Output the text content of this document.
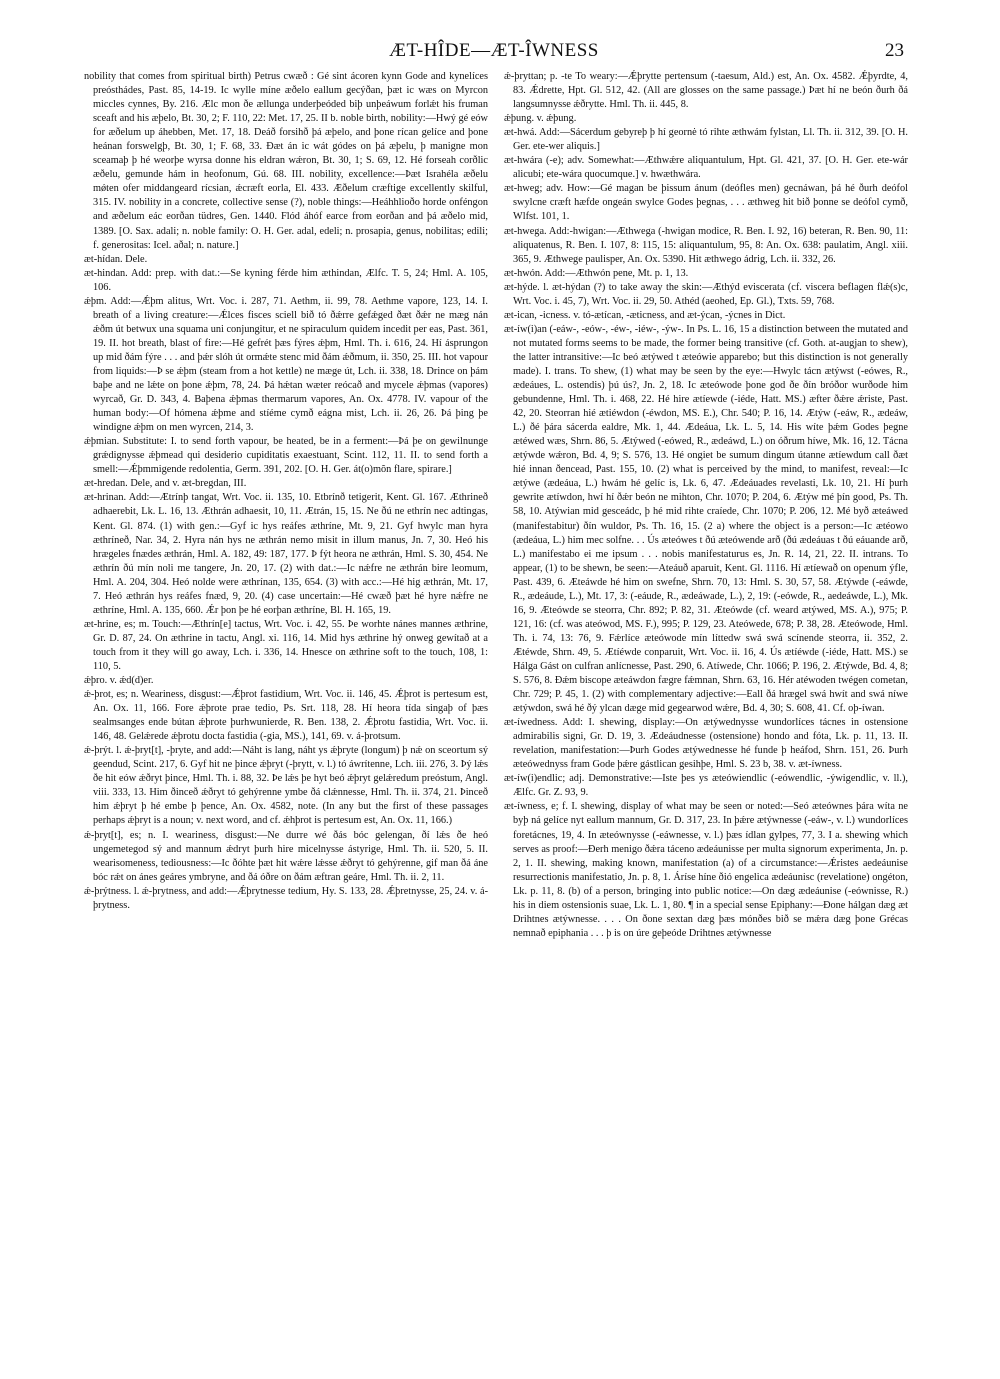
ÆT-HÎDE—ÆT-ÎWNESS	23

nobility that comes from spiritual birth) Petrus cwæð : Gé sint ácoren kynn Gode and kynelíces preósthádes, Past. 85, 14-19. Ic wylle míne æðelo eallum gecýðan, þæt ic wæs on Myrcon miccles cynnes, By. 216. Ælc mon ðe ællunga underþeóded biþ unþeáwum forlǽt his fruman sceaft and his æþelo, Bt. 30, 2; F. 110, 22: Met. 17, 25. II b. noble birth, nobility:—Hwý gé eów for æðelum up áhebben, Met. 17, 18. Deáð forsihð þá æþelo, and þone rícan gelíce and þone heánan forswelgþ, Bt. 30, 1; F. 68, 33. Ðæt án ic wát gódes on þá æþelu, þ manigne mon sceamaþ þ hé weorþe wyrsa donne his eldran wǽron, Bt. 30, 1; S. 69, 12. Hé forseah corðlic æðelu, gemunde hám in heofonum, Gú. 68. III. nobility, excellence:—Þæt Israhéla æðelu mǿten ofer middangeard rícsian, ǽcræft eorla, El. 433. Æðelum cræftige excellently skilful, 315. IV. nobility in a concrete, collective sense (?), noble things:—Heáhhlioðo horde onféngon and æðelum eác eorðan tüdres, Gen. 1440. Flód áhóf earce from eorðan and þá æðelo mid, 1389. [O. Sax. adali; n. noble family: O. H. Ger. adal, edeli; n. prosapia, genus, nobilitas; edili; f. generositas: Icel. aðal; n. nature.]

æt-hídan. Dele.

æt-hindan. Add: prep. with dat.:—Se kyning férde him æthindan, Ælfc. T. 5, 24; Hml. A. 105, 106.

ǽþm. Add:—Ǽþm alitus, Wrt. Voc. i. 287, 71. Aethm, ii. 99, 78. Aethme vapore, 123, 14. I. breath of a living creature:—Ǽlces fisces sciell bið tó ðǽrre gefǽged ðæt ðǽr ne mæg nán ǽðm út betwux una squama uni conjungitur, et ne spiraculum quidem incedit per eas, Past. 361, 19. II. hot breath, blast of fire:—Hé gefrét þæs fýres ǽþm, Hml. Th. i. 616, 24. Hí ásprungon up mid ðám fýre . . . and þǽr slóh út ormǽte stenc mid ðám ǽðmum, ii. 350, 25. III. hot vapour from liquids:—Þ se ǽþm (steam from a hot kettle) ne mæge út, Lch. ii. 338, 18. Drince on þám baþe and ne lǽte on þone ǽþm, 78, 24. Þá hǽtan wæter reócað and mycele ǽþmas (vapores) wyrcað, Gr. D. 343, 4. Baþena ǽþmas thermarum vapores, An. Ox. 4778. IV. vapour of the human body:—Of hómena ǽþme and stíéme cymð eágna mist, Lch. ii. 26, 26. Þá þing þe windigne ǽþm on men wyrcen, 214, 3.

ǽþmian. Substitute: I. to send forth vapour, be heated, be in a ferment:—Þá þe on gewilnunge grǽdignysse ǽþmead qui desiderio cupiditatis exaestuant, Scint. 112, 11. II. to send forth a smell:—Ǽþmmigende redolentia, Germ. 391, 202. [O. H. Ger. át(o)mõn flare, spirare.]

æt-hredan. Dele, and v. æt-bregdan, III.

æt-hrinan. Add:—Ætrínþ tangat, Wrt. Voc. ii. 135, 10. Etbrínð tetigerit, Kent. Gl. 167. Æthrineð adhaerebit, Lk. L. 16, 13. Æthrán adhaesit, 10, 11. Ætrán, 15, 15. Ne ðú ne ethrín nec adtingas, Kent. Gl. 874. (1) with gen.:—Gyf ic hys reáfes æthríne, Mt. 9, 21. Gyf hwylc man hyra æthríneð, Nar. 34, 2. Hyra nán hys ne æthrán nemo misit in illum manus, Jn. 7, 30. Heó his hrægeles fnædes æthrán, Hml. A. 182, 49: 187, 177. Þ fýt heora ne æthrán, Hml. S. 30, 454. Ne æthrín ðú mín noli me tangere, Jn. 20, 17. (2) with dat.:—Ic nǽfre ne æthrán bire leomum, Hml. A. 204, 304. Heó nolde were æthrínan, 135, 654. (3) with acc.:—Hé hig æthrán, Mt. 17, 7. Heó æthrán hys reáfes fnæd, 9, 20. (4) case uncertain:—Hé cwæð þæt hé hyre nǽfre ne æthríne, Hml. A. 135, 660. Ǽr þon þe hé eorþan æthríne, Bl. H. 165, 19.

æt-hrine, es; m. Touch:—Æthrín[e] tactus, Wrt. Voc. i. 42, 55. Þe worhte nánes mannes æthrine, Gr. D. 87, 24. On æthrine in tactu, Angl. xi. 116, 14. Mid hys æthrine hý onweg gewítað at a touch from it they will go away, Lch. i. 336, 14. Hnesce on æthrine soft to the touch, 108, 1: 110, 5.

ǽþro. v. ǽd(d)er.

ǽ-þrot, es; n. Weariness, disgust:—Ǽþrot fastidium, Wrt. Voc. ii. 146, 45. Ǽþrot is pertesum est, An. Ox. 11, 166. Fore ǽþrote prae tedio, Ps. Srt. 118, 28. Hí heora tída singaþ of þæs sealmsanges ende bútan ǽþrote þurhwunierde, R. Ben. 138, 2. Ǽþrotu fastidia, Wrt. Voc. ii. 146, 48. Gelǽrede ǽþrotu docta fastidia (-gia, MS.), 141, 69. v. á-þrotsum.

ǽ-þrýt. l. ǽ-þryt[t], -þryte, and add:—Náht is lang, náht ys ǽþryte (longum) þ nǽ on sceortum sý geendud, Scint. 217, 6. Gyf hit ne þince ǽþryt (-þrytt, v. l.) tó áwrítenne, Lch. iii. 276, 3. Þý lǽs ðe hit eów ǽðryt þince, Hml. Th. i. 88, 32. Þe lǽs þe hyt beó ǽþryt gelǽredum preóstum, Angl. viii. 333, 13. Him ðinceð ǽðryt tó gehýrenne ymbe ðá clǽnnesse, Hml. Th. ii. 374, 21. Þinceð him ǽþryt þ hé embe þ þence, An. Ox. 4582, note. (In any but the first of these passages perhaps ǽþryt is a noun; v. next word, and cf. ǽhþrot is pertesum est, An. Ox. 11, 166.)

ǽ-þryt[t], es; n. I. weariness, disgust:—Ne durre wé ðás bóc gelengan, ðí lǽs ðe heó ungemetegod sý and mannum ǽdryt þurh hire micelnysse ástyrige, Hml. Th. ii. 520, 5. II. wearisomeness, tediousness:—Ic ðóhte þæt hit wǽre lǽsse ǽðryt tó gehýrenne, gif man ðá áne bóc rǽt on ánes geáres ymbryne, and ðá óðre on ðám æftran geáre, Hml. Th. ii. 2, 11.

ǽ-þrýtness. l. ǽ-þrytness, and add:—Ǽþrytnesse tedium, Hy. S. 133, 28. Ǽþretnysse, 25, 24. v. á-þrytness.

ǽ-þryttan; p. -te To weary:—Ǽþrytte pertensum (-taesum, Ald.) est, An. Ox. 4582. Ǽþyrdte, 4, 83. Ǽdrette, Hpt. Gl. 512, 42. (All are glosses on the same passage.) Þæt hí ne beón ðurh ðá langsumnysse ǽðrytte. Hml. Th. ii. 445, 8.

ǽþung. v. ǽþung.

æt-hwá. Add:—Sácerdum gebyreþ þ hí geornė tó rihte æthwám fylstan, Ll. Th. ii. 312, 39. [O. H. Ger. ete-wer aliquis.]

æt-hwára (-e); adv. Somewhat:—Æthwǽre aliquantulum, Hpt. Gl. 421, 37. [O. H. Ger. ete-wár alicubi; ete-wára quocumque.] v. hwæthwára.

æt-hweg; adv. How:—Gé magan be þissum ánum (deófles men) gecnáwan, þá hé ðurh deófol swylcne cræft hæfde ongeán swylce Godes þegnas, . . . æthweg hit bið þonne se deófol cymð, Wlfst. 101, 1.

æt-hwega. Add:-hwigan:—Æthwega (-hwigan modice, R. Ben. I. 92, 16) beteran, R. Ben. 90, 11: aliquatenus, R. Ben. I. 107, 8: 115, 15: aliquantulum, 95, 8: An. Ox. 638: paulatim, Angl. xiii. 365, 9. Æthwege paulisper, An. Ox. 5390. Hit æthwego ádrig, Lch. ii. 332, 26.

æt-hwón. Add:—Æthwón pene, Mt. p. 1, 13.

æt-hýde. l. æt-hýdan (?) to take away the skin:—Æthýd eviscerata (cf. viscera beflagen flǽ(s)c, Wrt. Voc. i. 45, 7), Wrt. Voc. ii. 29, 50. Athéd (aeohed, Ep. Gl.), Txts. 59, 768.

æt-ican, -icness. v. tó-ætícan, -æticness, and æt-ýcan, -ýcnes in Dict.

æt-íw(i)an (-eáw-, -eów-, -éw-, -iéw-, -ýw-. In Ps. L. 16, 15 a distinction between the mutated and not mutated forms seems to be made, the former being transitive (cf. Goth. at-augjan to shew), the latter intransitive:—Ic beó ætýwed t æteówie apparebo; but this distinction is not generally made). I. trans. To shew, (1) what may be seen by the eye:—Hwylc tácn ætýwst (-eówes, R., ædeáues, L. ostendis) þú ús?, Jn. 2, 18. Ic æteówode þone god ðe ðín bróðor wurðode him gebundenne, Hml. Th. i. 468, 22. Hé hire ætíewde (-iéde, Hatt. MS.) æfter ðǽre ǽriste, Past. 42, 20. Steorran hié ætiéwdon (-éwdon, MS. E.), Chr. 540; P. 16, 14. Ætýw (-eáw, R., ædeáw, L.) ðé þára sácerda ealdre, Mk. 1, 44. Ædeáua, Lk. L. 5, 14. His wíte þǽm Godes þegne ætéwed wæs, Shrn. 86, 5. Ætýwed (-eówed, R., ædeáwd, L.) on óðrum híwe, Mk. 16, 12. Tácna ætýwde wǽron, Bd. 4, 9; S. 576, 13. Hé ongiet be sumum dingum útanne ætíewdum call ðæt hié innan ðencead, Past. 155, 10. (2) what is perceived by the mind, to manifest, reveal:—Ic ætýwe (ædeáua, L.) hwám hé gelíc is, Lk. 6, 47. Ædeáuades revelasti, Lk. 10, 21. Hí þurh gewrite ætíwdon, hwí hí ðǽr beón ne mihton, Chr. 1070; P. 204, 6. Ætýw mé þín good, Ps. Th. 58, 10. Atýwian mid gesceádc, þ hé mid rihte craíede, Chr. 1070; P. 206, 12. Mé byð æteáwed (manifestabitur) ðín wuldor, Ps. Th. 16, 15. (2 a) where the object is a person:—Ic ætéowo (ædeáua, L.) him mec solfne. . . Ús æteówes t ðú æteówende arð (ðú ædeáuas t ðú eáuande arð, L.) manifestabo ei me ipsum . . . nobis manifestaturus es, Jn. R. 14, 21, 22. II. intrans. To appear, (1) to be shewn, be seen:—Ateáuð aparuit, Kent. Gl. 1116. Hí ætíewað on openum ýfle, Past. 439, 6. Æteáwde hé him on swefne, Shrn. 70, 13: Hml. S. 30, 57, 58. Ætýwde (-eáwde, R., ædeáude, L.), Mt. 17, 3: (-eáude, R., ædeáwade, L.), 2, 19: (-eówde, R., aedeáwde, L.), Mk. 16, 9. Æteówde se steorra, Chr. 892; P. 82, 31. Æteówde (cf. weard ætýwed, MS. A.), 975; P. 121, 16: (cf. was ateówod, MS. F.), 995; P. 129, 23. Ateówede, 678; P. 38, 28. Æteówode, Hml. Th. i. 74, 13: 76, 9. Fǽrlíce æteówode mín líttedw swá swá scínende steorra, ii. 352, 2. Ætéwde, Shrn. 49, 5. Ætíéwde conparuit, Wrt. Voc. ii. 16, 4. Ús ætíéwde (-iéde, Hatt. MS.) se Hálga Gást on culfran anlícnesse, Past. 290, 6. Atíwede, Chr. 1066; P. 196, 2. Ætýwde, Bd. 4, 8; S. 576, 8. Ðǽm biscope æteáwdon fægre fǽmnan, Shrn. 63, 16. Hér atéwoden twégen cometan, Chr. 729; P. 45, 1. (2) with complementary adjective:—Eall ðá hrægel swá hwít and swá níwe ætýwdon, swá hé ðý ylcan dæge mid gegearwod wǽre, Bd. 4, 30; S. 608, 41. Cf. oþ-íwan.

æt-íwedness. Add: I. shewing, display:—On ætýwednysse wundorlíces tácnes in ostensione admirabilis signi, Gr. D. 19, 3. Ædeáudnesse (ostensione) hondo and fóta, Lk. p. 11, 13. II. revelation, manifestation:—Þurh Godes ætýwednesse hé funde þ heáfod, Shrn. 151, 26. Þurh æteówednyss fram Gode þǽre gástlican gesihþe, Hml. S. 23 b, 38. v. æt-íwness.

æt-íw(i)endlic; adj. Demonstrative:—Iste þes ys æteówiendlic (-eówendlic, -ýwigendlic, v. ll.), Ælfc. Gr. Z. 93, 9.

æt-íwness, e; f. I. shewing, display of what may be seen or noted:—Seó æteównes þára wíta ne byþ ná gelíce nyt eallum mannum, Gr. D. 317, 23. In þǽre ætýwnesse (-eáw-, v. l.) wundorlíces foretácnes, 19, 4. In æteównysse (-eáwnesse, v. l.) þæs ídlan gylpes, 77, 3. I a. shewing which serves as proof:—Ðerh menigo ðǽra táceno ædeáunisse per multa signorum experimenta, Jn. p. 2, 1. II. shewing, making known, manifestation (a) of a circumstance:—Ǽristes aedeáunise resurrectionis manifestatio, Jn. p. 8, 1. Áríse híne ðió engelica ædeáunisc (revelatione) ongéton, Lk. p. 11, 8. (b) of a person, bringing into public notice:—On dæg ædeáunise (-eównisse, R.) his in diem ostensionis suae, Lk. L. 1, 80. ¶ in a special sense Epiphany:—Ðone hálgan dæg æt Drihtnes ætýwnesse. . . . On ðone sextan dæg þæs mónðes bið se mǽra dæg þone Grécas nemnað epiphania . . . þ is on úre geþeóde Drihtnes ætýwnesse
